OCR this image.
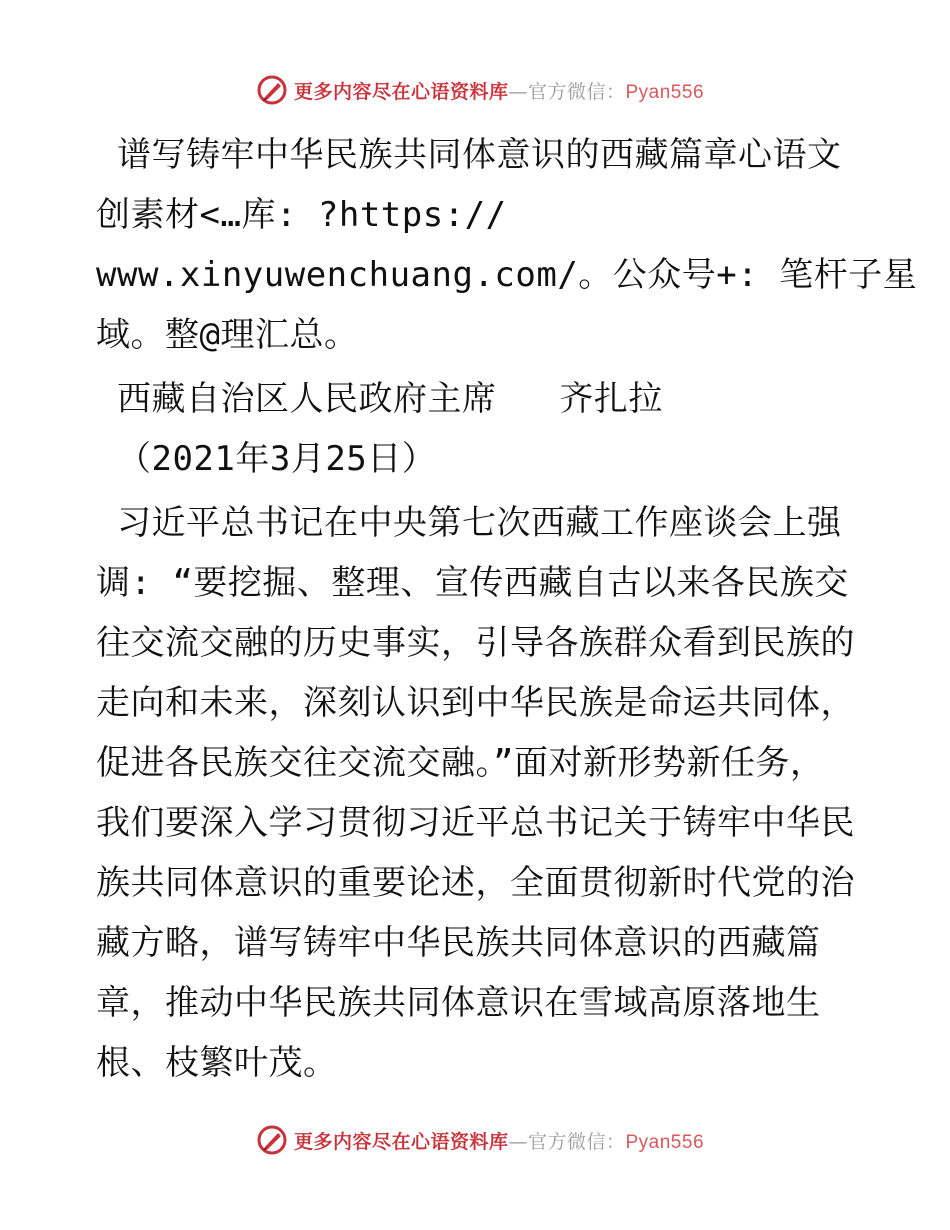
更多内容尽在心语资料库—官方微信：Pyan556
谱写铸牢中华民族共同体意识的西藏篇章心语文
创素材<…库: ?https://
www.xinyuwenchuang.com/。公众号+: 笔杆子星
域。整@理汇总。
西藏自治区人民政府主席   齐扎拉
（2021年3月25日）
习近平总书记在中央第七次西藏工作座谈会上强
调: “要挖掘、整理、宣传西藏自古以来各民族交
往交流交融的历史事实，引导各族群众看到民族的
走向和未来，深刻认识到中华民族是命运共同体，
促进各民族交往交流交融。”面对新形势新任务，
我们要深入学习贯彻习近平总书记关于铸牢中华民
族共同体意识的重要论述，全面贯彻新时代党的治
藏方略，谱写铸牢中华民族共同体意识的西藏篇
章，推动中华民族共同体意识在雪域高原落地生
根、枝繁叶茂。
更多内容尽在心语资料库—官方微信：Pyan556
